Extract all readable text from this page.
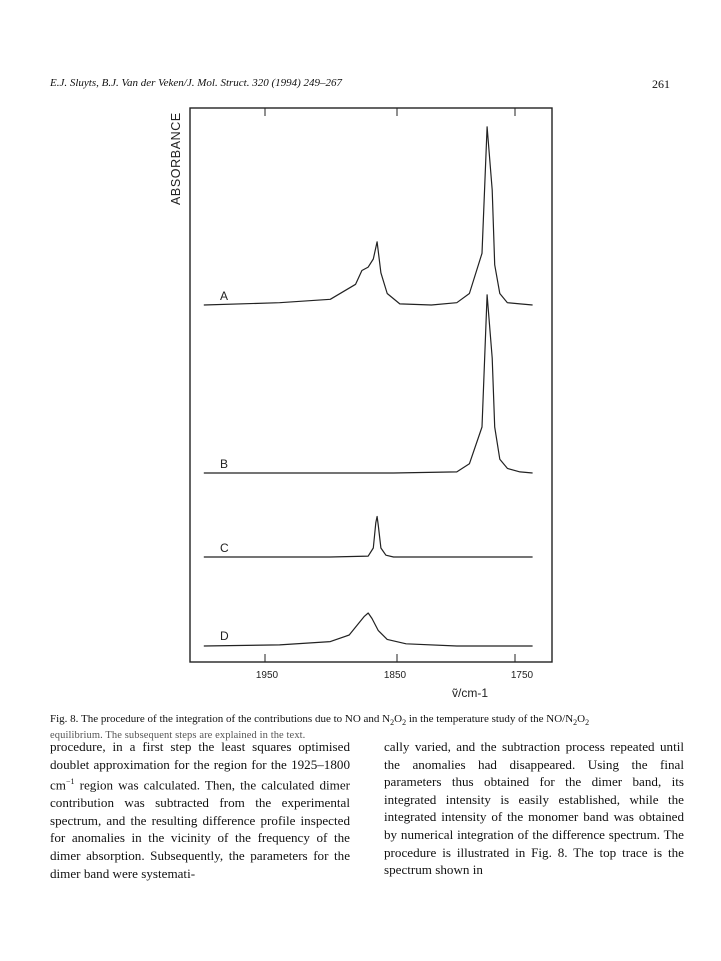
E.J. Sluyts, B.J. Van der Veken/J. Mol. Struct. 320 (1994) 249–267	261
ABSORBANCE
1950	1850	1750
ṽ/cm-1
A
B
C
D
Fig. 8. The procedure of the integration of the contributions due to NO and $N_2O_2$ in the temperature study of the $NO/N_2O_2$
equilibrium. The subsequent steps are explained in the text.

procedure, in a first step the least squares optimised doublet approximation for the region for the 1925–1800 $cm^{-1}$ region was calculated. Then, the calculated dimer contribution was subtracted from the experimental spectrum, and the resulting difference profile inspected for anomalies in the vicinity of the frequency of the dimer absorption. Subsequently, the parameters for the dimer band were systemati-

cally varied, and the subtraction process repeated until the anomalies had disappeared. Using the final parameters thus obtained for the dimer band, its integrated intensity is easily established, while the integrated intensity of the monomer band was obtained by numerical integration of the difference spectrum. The procedure is illustrated in Fig. 8. The top trace is the spectrum shown in
